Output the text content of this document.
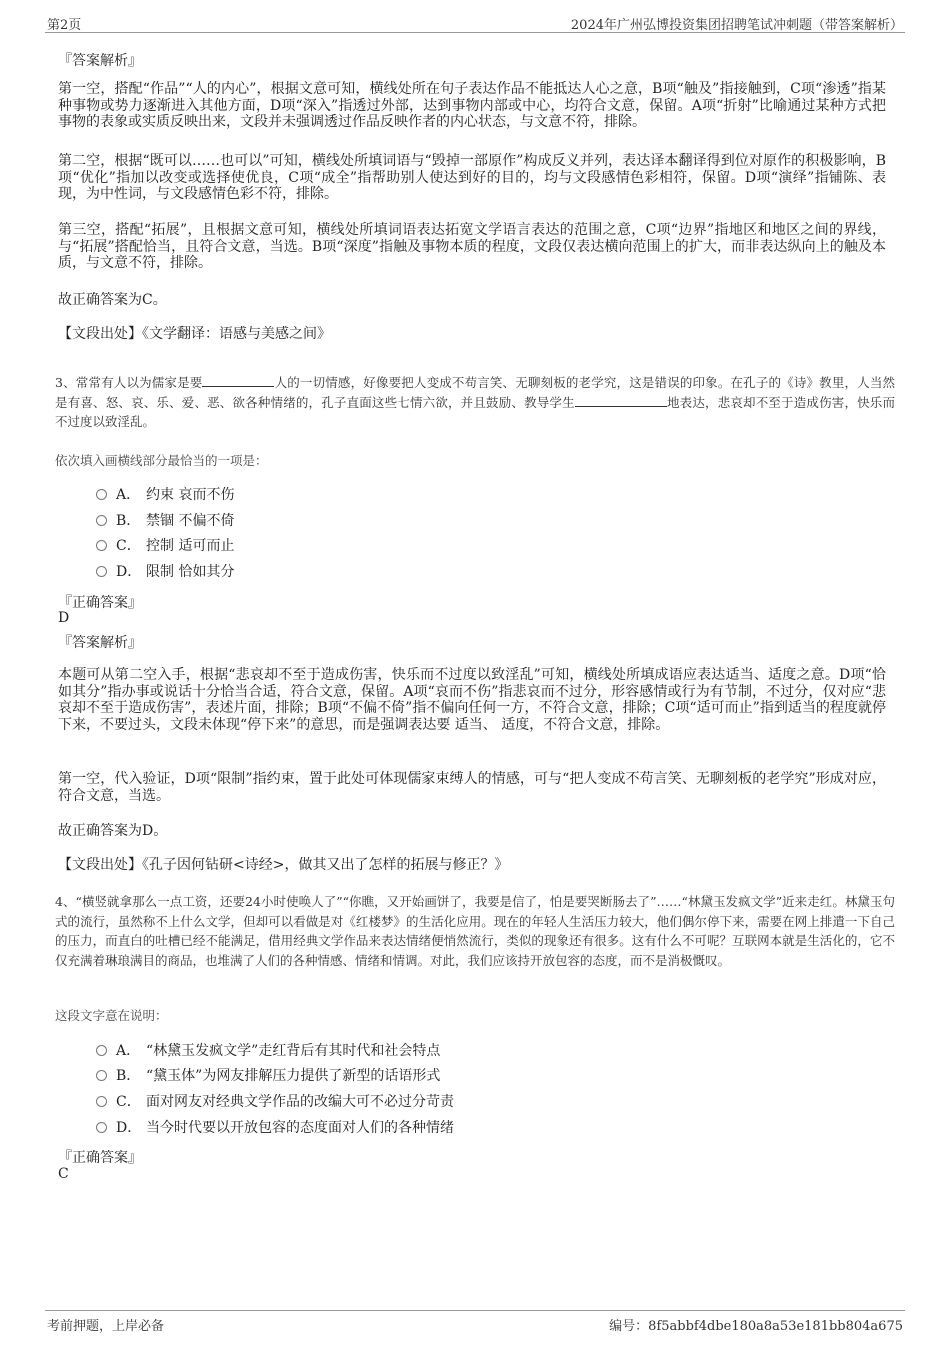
第2页	2024年广州弘博投资集团招聘笔试冲刺题（带答案解析）
『答案解析』

第一空，搭配“作品”“人的内心”，根据文意可知，横线处所在句子表达作品不能抵达人心之意，B项“触及”指接触到，C项“渗透”指某种事物或势力逐渐进入其他方面，D项“深入”指透过外部，达到事物内部或中心，均符合文意，保留。A项“折射”比喻通过某种方式把事物的表象或实质反映出来，文段并未强调透过作品反映作者的内心状态，与文意不符，排除。

第二空，根据“既可以……也可以”可知，横线处所填词语与“毁掉一部原作”构成反义并列，表达译本翻译得到位对原作的积极影响，B项“优化”指加以改变或选择使优良，C项“成全”指帮助别人使达到好的目的，均与文段感情色彩相符，保留。D项“演绎”指铺陈、表现，为中性词，与文段感情色彩不符，排除。

第三空，搭配“拓展”，且根据文意可知，横线处所填词语表达拓宽文学语言表达的范围之意，C项“边界”指地区和地区之间的界线，与“拓展”搭配恰当，且符合文意，当选。B项“深度”指触及事物本质的程度，文段仅表达横向范围上的扩大，而非表达纵向上的触及本质，与文意不符，排除。

故正确答案为C。

【文段出处】《文学翻译：语感与美感之间》

3、常常有人以为儒家是要	人的一切情感，好像要把人变成不苟言笑、无聊刻板的老学究，这是错误的印象。在孔子的《诗》教里，人当然是有喜、怒、哀、乐、爱、恶、欲各种情绪的，孔子直面这些七情六欲，并且鼓励、教导学生	地表达，悲哀却不至于造成伤害，快乐而不过度以致淫乱。

依次填入画横线部分最恰当的一项是：
A． 约束 哀而不伤
B． 禁锢 不偏不倚
C． 控制 适可而止
D． 限制 恰如其分
『正确答案』
D
『答案解析』

本题可从第二空入手，根据“悲哀却不至于造成伤害，快乐而不过度以致淫乱”可知，横线处所填成语应表达适当、适度之意。D项“恰如其分”指办事或说话十分恰当合适，符合文意，保留。A项“哀而不伤”指悲哀而不过分，形容感情或行为有节制，不过分，仅对应“悲哀却不至于造成伤害”，表述片面，排除；B项“不偏不倚”指不偏向任何一方，不符合文意，排除；C项“适可而止”指到适当的程度就停下来，不要过头，文段未体现“停下来”的意思，而是强调表达要 适当、 适度，不符合文意，排除。

第一空，代入验证，D项“限制”指约束，置于此处可体现儒家束缚人的情感，可与“把人变成不苟言笑、无聊刻板的老学究”形成对应，符合文意，当选。

故正确答案为D。

【文段出处】《孔子因何钻研<诗经>，做其又出了怎样的拓展与修正？》

4、“横竖就拿那么一点工资，还要24小时使唤人了”“你瞧，又开始画饼了，我要是信了，怕是要哭断肠去了”……“林黛玉发疯文学”近来走红。林黛玉句式的流行，虽然称不上什么文学，但却可以看做是对《红楼梦》的生活化应用。现在的年轻人生活压力较大，他们偶尔停下来，需要在网上排遣一下自己的压力，而直白的吐槽已经不能满足，借用经典文学作品来表达情绪便悄然流行，类似的现象还有很多。这有什么不可呢？互联网本就是生活化的，它不仅充满着琳琅满目的商品，也堆满了人们的各种情感、情绪和情调。对此，我们应该持开放包容的态度，而不是消极慨叹。

这段文字意在说明：
A． “林黛玉发疯文学”走红背后有其时代和社会特点
B． “黛玉体”为网友排解压力提供了新型的话语形式
C． 面对网友对经典文学作品的改编大可不必过分苛责
D． 当今时代要以开放包容的态度面对人们的各种情绪
『正确答案』
C
考前押题，上岸必备	编号：8f5abbf4dbe180a8a53e181bb804a675
